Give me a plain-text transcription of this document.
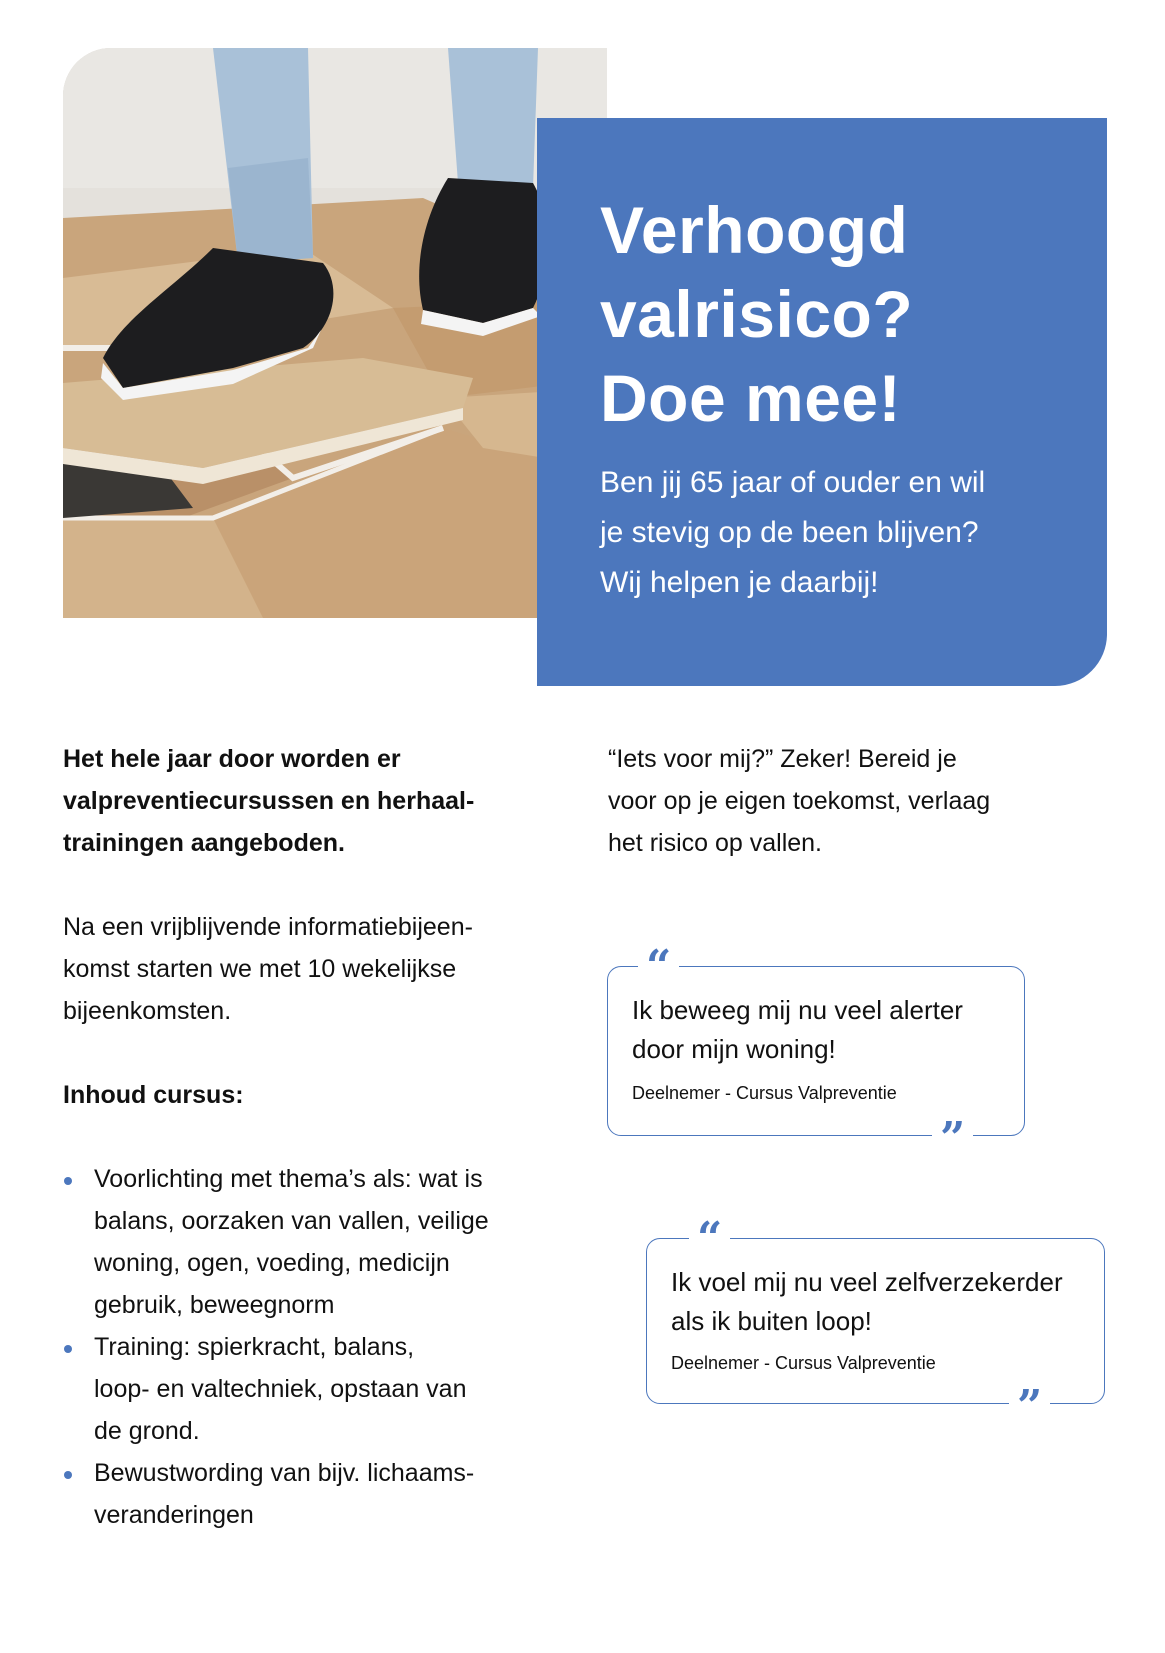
Verhoogd
valrisico?
Doe mee!

Ben jij 65 jaar of ouder en wil
je stevig op de been blijven?
Wij helpen je daarbij!

Het hele jaar door worden er
valpreventiecursussen en herhaal-
trainingen aangeboden.

Na een vrijblijvende informatiebijeen-
komst starten we met 10 wekelijkse
bijeenkomsten.

Inhoud cursus:

Voorlichting met thema’s als: wat is
balans, oorzaken van vallen, veilige
woning, ogen, voeding, medicijn
gebruik, beweegnorm
Training: spierkracht, balans,
loop- en valtechniek, opstaan van
de grond.
Bewustwording van bijv. lichaams-
veranderingen

“Iets voor mij?” Zeker! Bereid je
voor op je eigen toekomst, verlaag
het risico op vallen.

“

Ik beweeg mij nu veel alerter
door mijn woning!

Deelnemer - Cursus Valpreventie

”
“

Ik voel mij nu veel zelfverzekerder
als ik buiten loop!

Deelnemer - Cursus Valpreventie

”
